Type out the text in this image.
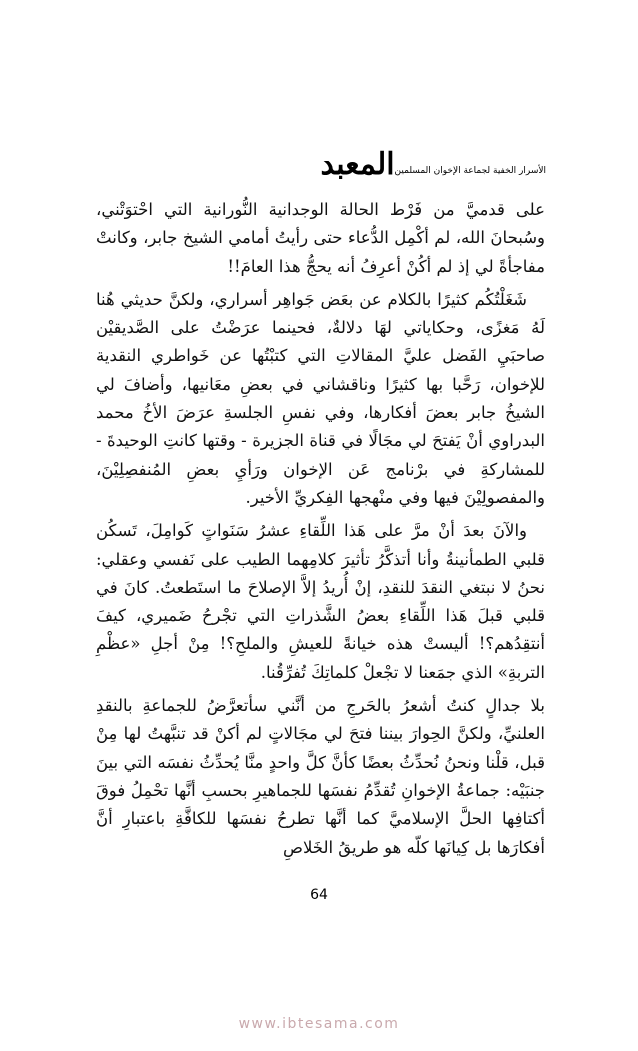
المعبد الأسرار الخفية لجماعة الإخوان المسلمين

على قدميَّ من فَرْط الحالة الوجدانية النُّورانية التي احْتوَتْني، وسُبحانَ الله، لم أكْمِل الدُّعاء حتى رأيتُ أمامي الشيخ جابر، وكانتْ مفاجأةً لي إذ لم أكُنْ أعرِفُ أنه يحجُّ هذا العامَ!!

شَغَلْتُكُم كثيرًا بالكلام عن بعَض جَواهِر أسراري، ولكنَّ حديثي هُنا لَهُ مَغزًى، وحكاياتي لهَا دلالةٌ، فحينما عرَضْتُ على الصَّديقيْن صاحبَيِ الفَضل عليَّ المقالاتِ التي كتبْتُها عن خَواطري النقدية للإخوان، رَحَّبا بها كثيرًا وناقشاني في بعضِ معَانيها، وأضافَ لي الشيخُ جابر بعضَ أفكارها، وفي نفسِ الجلسةِ عرَضَ الأخُ محمد البدراوي أنْ يَفتحَ لي مجَالًا في قناة الجزيرة - وقتها كانتِ الوحيدةَ - للمشاركةِ في برْنامج عَن الإخوان ورَأيِ بعضِ المُنفصِلِيْنَ، والمفصولِيْنَ فيها وفي منْهجها الفِكريِّ الأخير.

والآنَ بعدَ أنْ مرَّ على هَذا اللِّقاءِ عشرُ سَنَواتٍ كَوامِلَ، تَسكُن قلبي الطمأنينةُ وأنا أتذكَّرُ تأثيرَ كلامِهما الطيب على نَفسي وعقلي: نحنُ لا نبتغي النقدَ للنقدِ، إنْ أُريدُ إلاَّ الإصلاحَ ما استَطعتُ. كانَ في قلبي قبلَ هَذا اللِّقاءِ بعضُ الشَّذراتِ التي تجْرحُ ضَميري، كيفَ أنتقِدُهم؟! أليستْ هذه خيانةً للعيشِ والملحِ؟! مِنْ أجلِ «عظْمِ التربةِ» الذي جمَعنا لا تجْعلْ كلماتِكَ تُفرِّقُنا.

بلا جدالٍ كنتُ أشعرُ بالحَرجِ من أنَّني سأتعرَّضُ للجماعةِ بالنقدِ العلنيِّ، ولكنَّ الحِوارَ بيننا فتحَ لي مجَالاتٍ لم أكنْ قد تنبَّهتُ لها مِنْ قبل، قلْنا ونحنُ نُحدِّثُ بعضًا كأنَّ كلَّ واحدٍ منَّا يُحدِّثُ نفسَه التي بينَ جنبَيْه: جماعةُ الإخوانِ تُقدِّمُ نفسَها للجماهيرِ بحسبِ أنَّها تحْمِلُ فوقَ أكتافِها الحلَّ الإسلاميَّ كما أنَّها تطرحُ نفسَها للكافَّةِ باعتبارِ أنَّ أفكارَها بل كِيانَها كلّه هو طريقُ الخَلاصِ

64
www.ibtesama.com
